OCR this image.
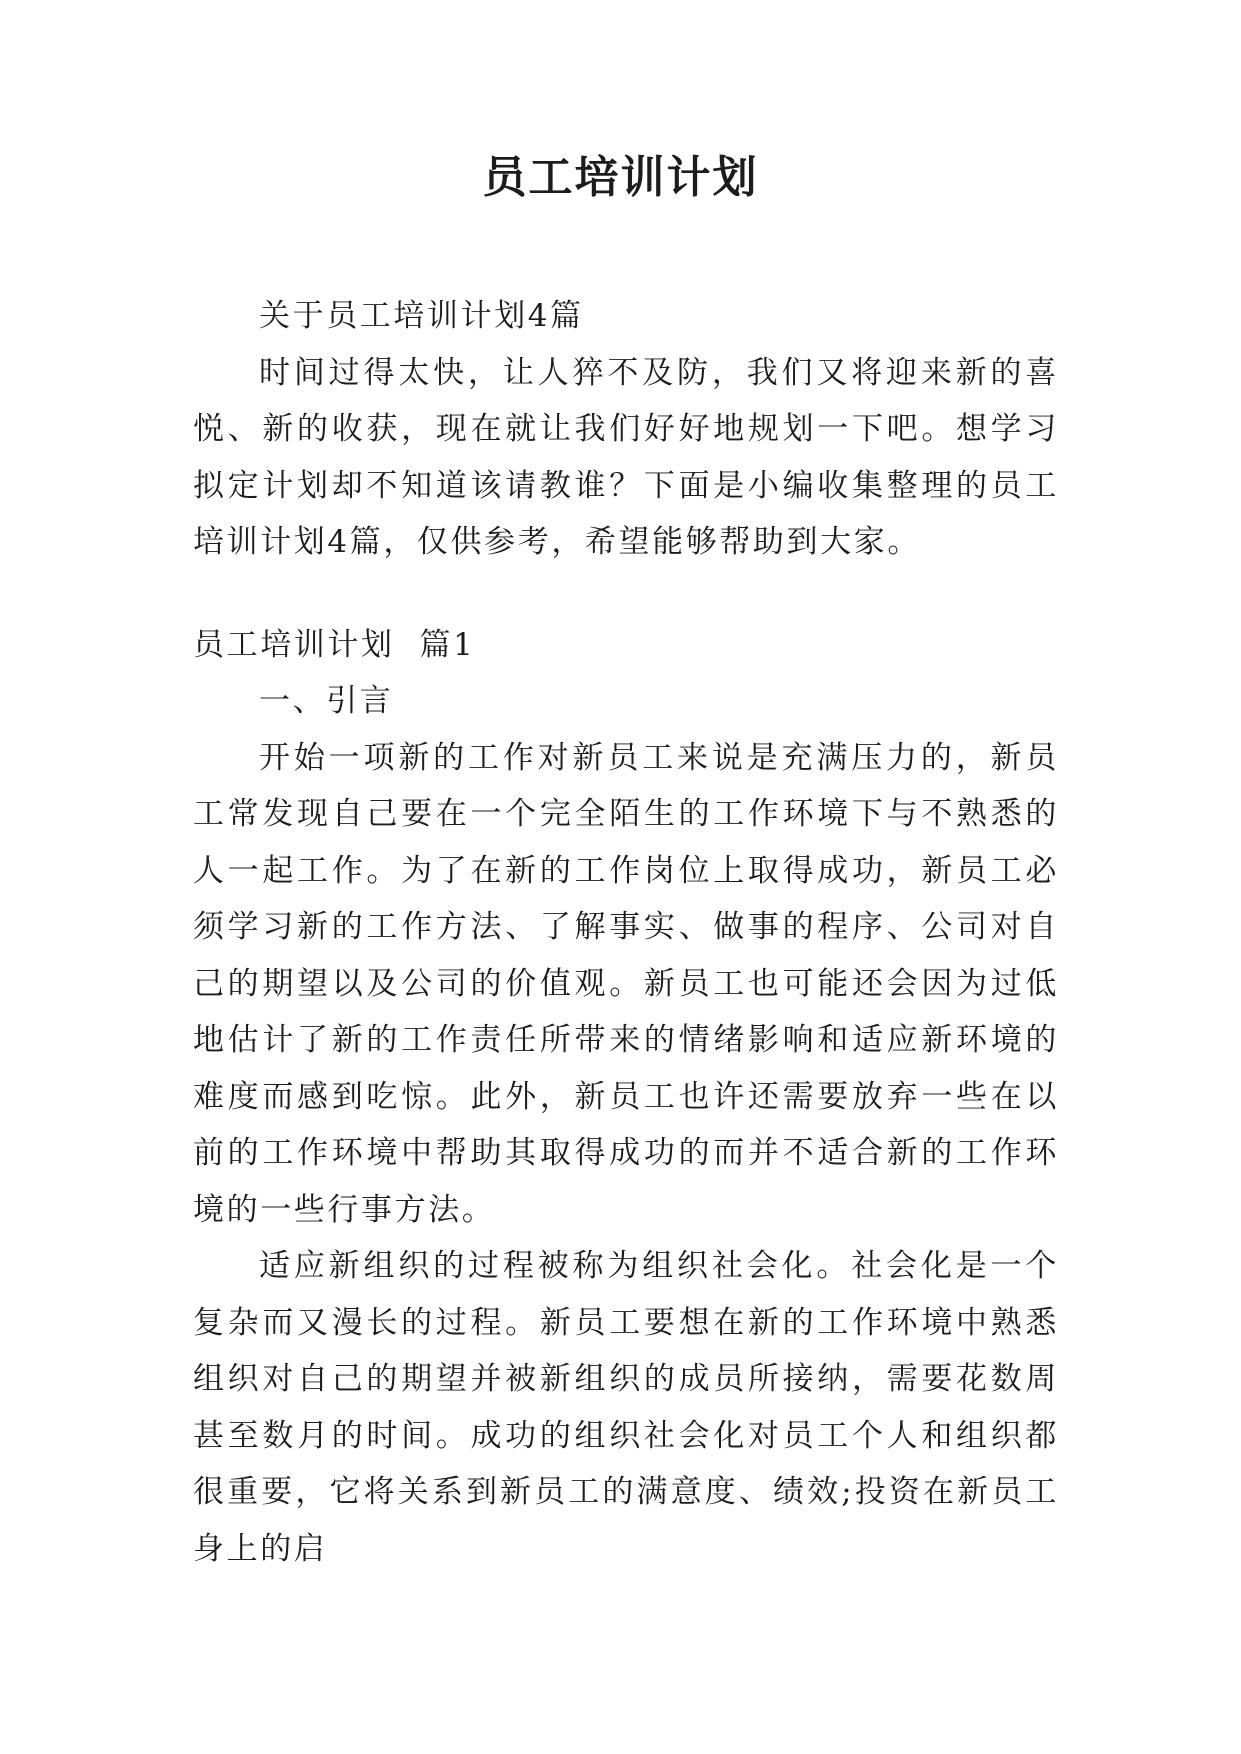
员工培训计划

关于员工培训计划4篇

时间过得太快，让人猝不及防，我们又将迎来新的喜悦、新的收获，现在就让我们好好地规划一下吧。想学习拟定计划却不知道该请教谁？下面是小编收集整理的员工培训计划4篇，仅供参考，希望能够帮助到大家。

员工培训计划  篇1

一、引言

开始一项新的工作对新员工来说是充满压力的，新员工常发现自己要在一个完全陌生的工作环境下与不熟悉的人一起工作。为了在新的工作岗位上取得成功，新员工必须学习新的工作方法、了解事实、做事的程序、公司对自己的期望以及公司的价值观。新员工也可能还会因为过低地估计了新的工作责任所带来的情绪影响和适应新环境的难度而感到吃惊。此外，新员工也许还需要放弃一些在以前的工作环境中帮助其取得成功的而并不适合新的工作环境的一些行事方法。

适应新组织的过程被称为组织社会化。社会化是一个复杂而又漫长的过程。新员工要想在新的工作环境中熟悉组织对自己的期望并被新组织的成员所接纳，需要花数周甚至数月的时间。成功的组织社会化对员工个人和组织都很重要，它将关系到新员工的满意度、绩效;投资在新员工身上的启
